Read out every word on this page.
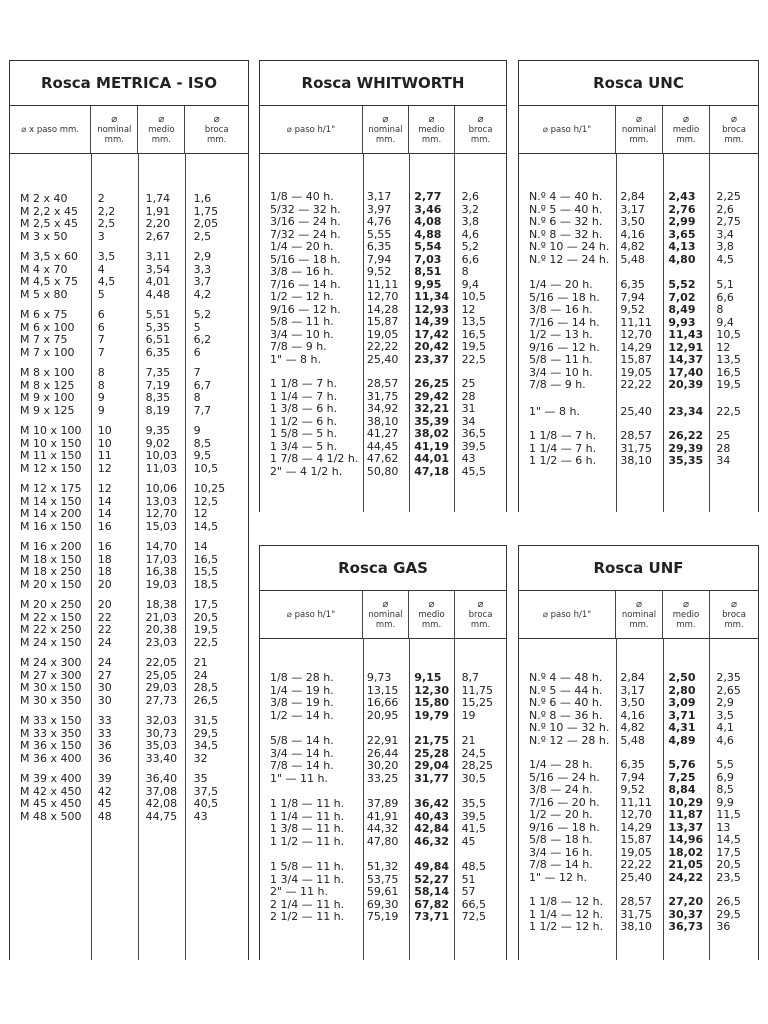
Rosca METRICA - ISO
⌀ x paso mm.
⌀
nominal
mm.
⌀
medio
mm.
⌀
broca
mm.
M 2 x 40	2	1,74	1,6
M 2,2 x 45	2,2	1,91	1,75
M 2,5 x 45	2,5	2,20	2,05
M 3 x 50	3	2,67	2,5
M 3,5 x 60	3,5	3,11	2,9
M 4 x 70	4	3,54	3,3
M 4,5 x 75	4,5	4,01	3,7
M 5 x 80	5	4,48	4,2
M 6 x 75	6	5,51	5,2
M 6 x 100	6	5,35	5
M 7 x 75	7	6,51	6,2
M 7 x 100	7	6,35	6
M 8 x 100	8	7,35	7
M 8 x 125	8	7,19	6,7
M 9 x 100	9	8,35	8
M 9 x 125	9	8,19	7,7
M 10 x 100	10	9,35	9
M 10 x 150	10	9,02	8,5
M 11 x 150	11	10,03	9,5
M 12 x 150	12	11,03	10,5
M 12 x 175	12	10,06	10,25
M 14 x 150	14	13,03	12,5
M 14 x 200	14	12,70	12
M 16 x 150	16	15,03	14,5
M 16 x 200	16	14,70	14
M 18 x 150	18	17,03	16,5
M 18 x 250	18	16,38	15,5
M 20 x 150	20	19,03	18,5
M 20 x 250	20	18,38	17,5
M 22 x 150	22	21,03	20,5
M 22 x 250	22	20,38	19,5
M 24 x 150	24	23,03	22,5
M 24 x 300	24	22,05	21
M 27 x 300	27	25,05	24
M 30 x 150	30	29,03	28,5
M 30 x 350	30	27,73	26,5
M 33 x 150	33	32,03	31,5
M 33 x 350	33	30,73	29,5
M 36 x 150	36	35,03	34,5
M 36 x 400	36	33,40	32
M 39 x 400	39	36,40	35
M 42 x 450	42	37,08	37,5
M 45 x 450	45	42,08	40,5
M 48 x 500	48	44,75	43
Rosca WHITWORTH
⌀ paso h/1"
⌀
nominal
mm.
⌀
medio
mm.
⌀
broca
mm.
1/8 — 40 h.	3,17	2,77	2,6
5/32 — 32 h.	3,97	3,46	3,2
3/16 — 24 h.	4,76	4,08	3,8
7/32 — 24 h.	5,55	4,88	4,6
1/4 — 20 h.	6,35	5,54	5,2
5/16 — 18 h.	7,94	7,03	6,6
3/8 — 16 h.	9,52	8,51	8
7/16 — 14 h.	11,11	9,95	9,4
1/2 — 12 h.	12,70	11,34	10,5
9/16 — 12 h.	14,28	12,93	12
5/8 — 11 h.	15,87	14,39	13,5
3/4 — 10 h.	19,05	17,42	16,5
7/8 — 9 h.	22,22	20,42	19,5
1" — 8 h.	25,40	23,37	22,5
1 1/8 — 7 h.	28,57	26,25	25
1 1/4 — 7 h.	31,75	29,42	28
1 3/8 — 6 h.	34,92	32,21	31
1 1/2 — 6 h.	38,10	35,39	34
1 5/8 — 5 h.	41,27	38,02	36,5
1 3/4 — 5 h.	44,45	41,19	39,5
1 7/8 — 4 1/2 h. 47,62	44,01	43
2" — 4 1/2 h.	50,80	47,18	45,5
Rosca UNC
⌀ paso h/1"
⌀
nominal
mm.
⌀
medio
mm.
⌀
broca
mm.
N.º 4 — 40 h.	2,84	2,43	2,25
N.º 5 — 40 h.	3,17	2,76	2,6
N.º 6 — 32 h.	3,50	2,99	2,75
N.º 8 — 32 h.	4,16	3,65	3,4
N.º 10 — 24 h.	4,82	4,13	3,8
N.º 12 — 24 h.	5,48	4,80	4,5
1/4 — 20 h.	6,35	5,52	5,1
5/16 — 18 h.	7,94	7,02	6,6
3/8 — 16 h.	9,52	8,49	8
7/16 — 14 h.	11,11	9,93	9,4
1/2 — 13 h.	12,70	11,43	10,5
9/16 — 12 h.	14,29	12,91	12
5/8 — 11 h.	15,87	14,37	13,5
3/4 — 10 h.	19,05	17,40	16,5
7/8 — 9 h.	22,22	20,39	19,5
1" — 8 h.	25,40	23,34	22,5
1 1/8 — 7 h.	28,57	26,22	25
1 1/4 — 7 h.	31,75	29,39	28
1 1/2 — 6 h.	38,10	35,35	34
Rosca GAS
⌀ paso h/1"
⌀
nominal
mm.
⌀
medio
mm.
⌀
broca
mm.
1/8 — 28 h.	9,73	9,15	8,7
1/4 — 19 h.	13,15	12,30	11,75
3/8 — 19 h.	16,66	15,80	15,25
1/2 — 14 h.	20,95	19,79	19
5/8 — 14 h.	22,91	21,75	21
3/4 — 14 h.	26,44	25,28	24,5
7/8 — 14 h.	30,20	29,04	28,25
1" — 11 h.	33,25	31,77	30,5
1 1/8 — 11 h.	37,89	36,42	35,5
1 1/4 — 11 h.	41,91	40,43	39,5
1 3/8 — 11 h.	44,32	42,84	41,5
1 1/2 — 11 h.	47,80	46,32	45
1 5/8 — 11 h.	51,32	49,84	48,5
1 3/4 — 11 h.	53,75	52,27	51
2" — 11 h.	59,61	58,14	57
2 1/4 — 11 h.	69,30	67,82	66,5
2 1/2 — 11 h.	75,19	73,71	72,5
Rosca UNF
⌀ paso h/1"
⌀
nominal
mm.
⌀
medio
mm.
⌀
broca
mm.
N.º 4 — 48 h.	2,84	2,50	2,35
N.º 5 — 44 h.	3,17	2,80	2,65
N.º 6 — 40 h.	3,50	3,09	2,9
N.º 8 — 36 h.	4,16	3,71	3,5
N.º 10 — 32 h.	4,82	4,31	4,1
N.º 12 — 28 h.	5,48	4,89	4,6
1/4 — 28 h.	6,35	5,76	5,5
5/16 — 24 h.	7,94	7,25	6,9
3/8 — 24 h.	9,52	8,84	8,5
7/16 — 20 h.	11,11	10,29	9,9
1/2 — 20 h.	12,70	11,87	11,5
9/16 — 18 h.	14,29	13,37	13
5/8 — 18 h.	15,87	14,96	14,5
3/4 — 16 h.	19,05	18,02	17,5
7/8 — 14 h.	22,22	21,05	20,5
1" — 12 h.	25,40	24,22	23,5
1 1/8 — 12 h.	28,57	27,20	26,5
1 1/4 — 12 h.	31,75	30,37	29,5
1 1/2 — 12 h.	38,10	36,73	36
